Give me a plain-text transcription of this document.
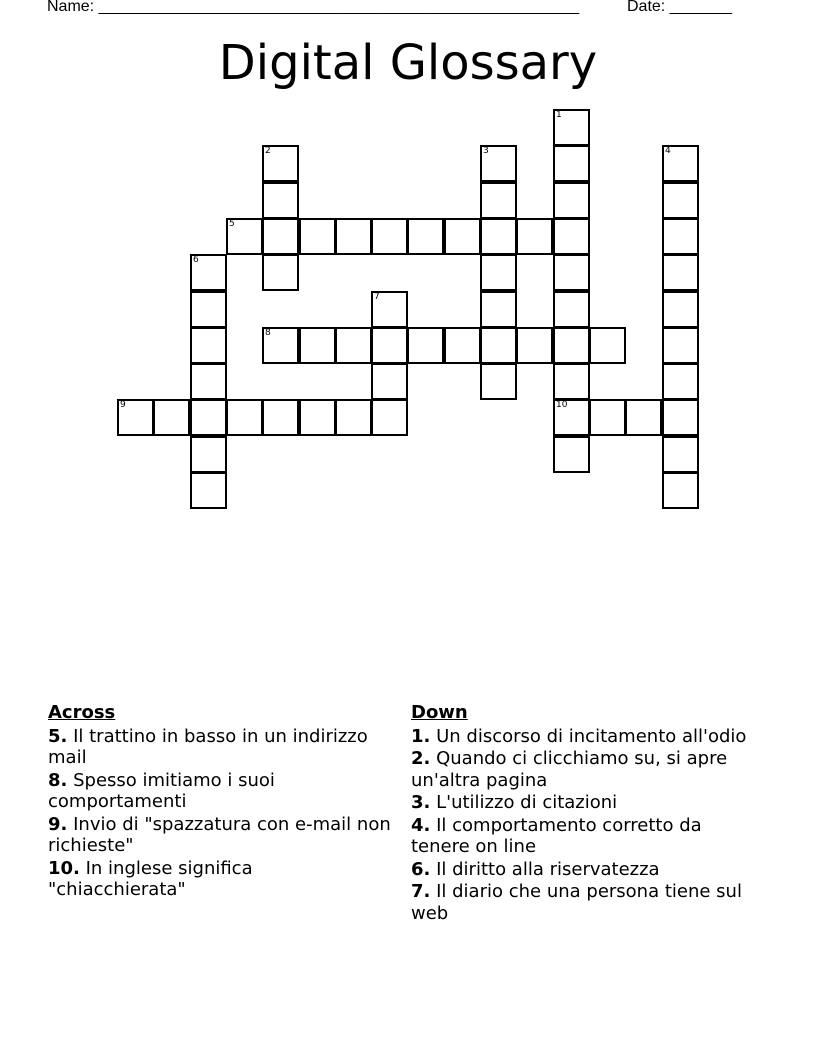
Name: ______________________________________________________	Date: _______
Digital Glossary
5
8
9	10
1
2	3	4
6
7
Across
5. Il trattino in basso in un indirizzo mail
8. Spesso imitiamo i suoi comportamenti
9. Invio di "spazzatura con e-mail non richieste"
10. In inglese significa "chiacchierata"
Down
1. Un discorso di incitamento all'odio
2. Quando ci clicchiamo su, si apre un'altra pagina
3. L'utilizzo di citazioni
4. Il comportamento corretto da tenere on line
6. Il diritto alla riservatezza
7. Il diario che una persona tiene sul web
